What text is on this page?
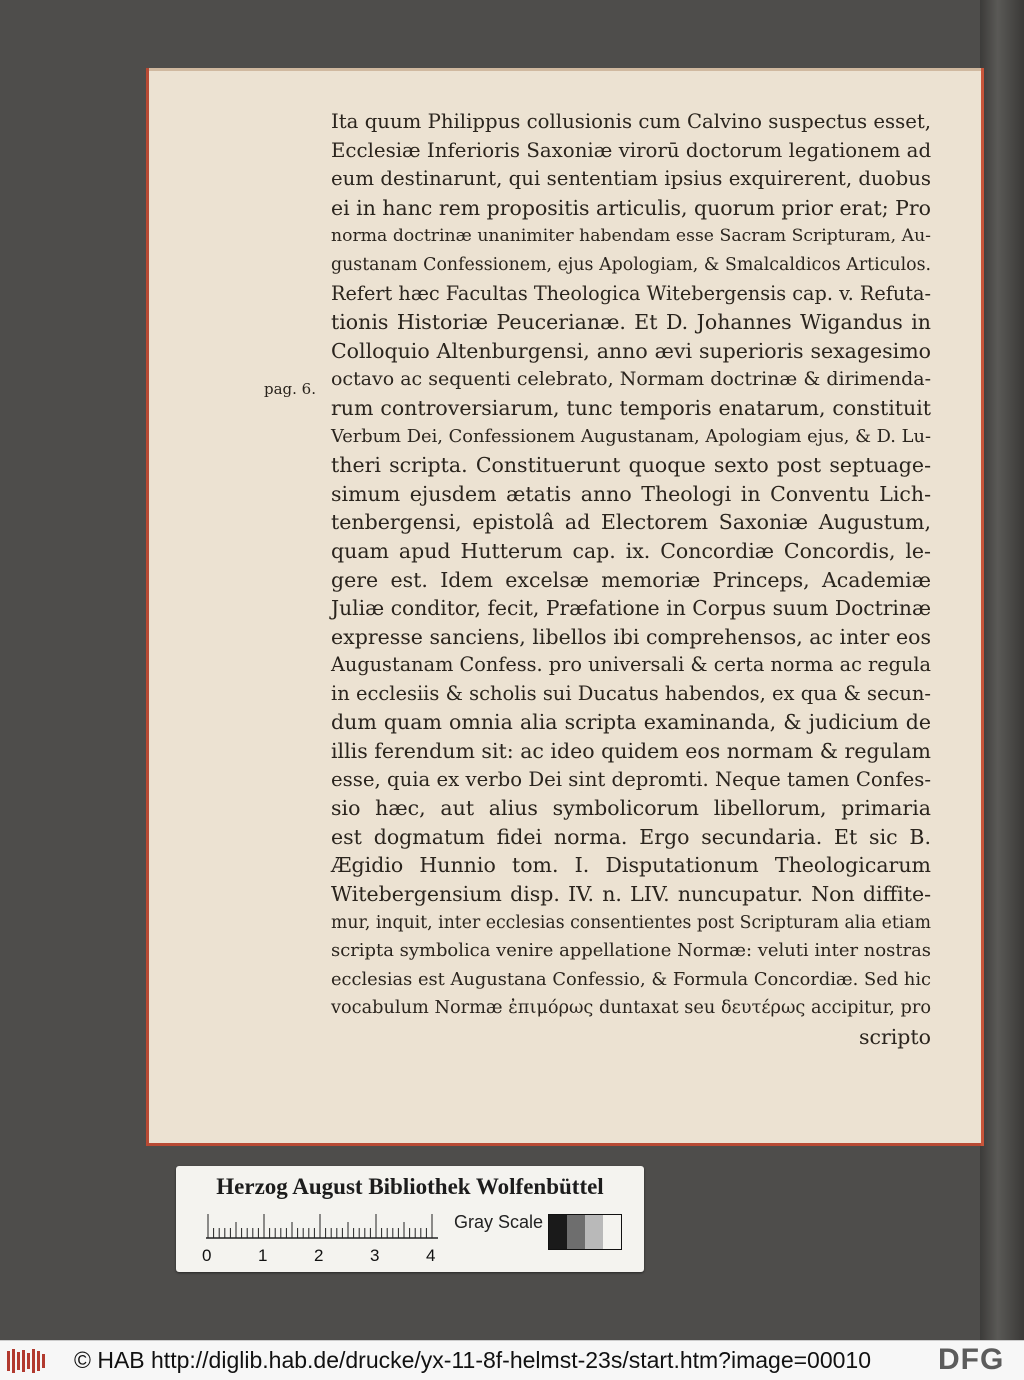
pag. 6.
Ita quum Philippus collusionis cum Calvino suspectus esset,
Ecclesiæ Inferioris Saxoniæ virorū doctorum legationem ad
eum destinarunt, qui sententiam ipsius exquirerent, duobus
ei in hanc rem propositis articulis, quorum prior erat; Pro
norma doctrinæ unanimiter habendam esse Sacram Scripturam, Au-
gustanam Confessionem, ejus Apologiam, & Smalcaldicos Articulos.
Refert hæc Facultas Theologica Witebergensis cap. v. Refuta-
tionis Historiæ Peucerianæ. Et D. Johannes Wigandus in
Colloquio Altenburgensi, anno ævi superioris sexagesimo
octavo ac sequenti celebrato, Normam doctrinæ & dirimenda-
rum controversiarum, tunc temporis enatarum, constituit
Verbum Dei, Confessionem Augustanam, Apologiam ejus, & D. Lu-
theri scripta. Constituerunt quoque sexto post septuage-
simum ejusdem ætatis anno Theologi in Conventu Lich-
tenbergensi, epistolâ ad Electorem Saxoniæ Augustum,
quam apud Hutterum cap. ix. Concordiæ Concordis, le-
gere est. Idem excelsæ memoriæ Princeps, Academiæ
Juliæ conditor, fecit, Præfatione in Corpus suum Doctrinæ
expresse sanciens, libellos ibi comprehensos, ac inter eos
Augustanam Confess. pro universali & certa norma ac regula
in ecclesiis & scholis sui Ducatus habendos, ex qua & secun-
dum quam omnia alia scripta examinanda, & judicium de
illis ferendum sit: ac ideo quidem eos normam & regulam
esse, quia ex verbo Dei sint depromti. Neque tamen Confes-
sio hæc, aut alius symbolicorum libellorum, primaria
est dogmatum fidei norma. Ergo secundaria. Et sic B.
Ægidio Hunnio tom. I. Disputationum Theologicarum
Witebergensium disp. IV. n. LIV. nuncupatur. Non diffite-
mur, inquit, inter ecclesias consentientes post Scripturam alia etiam
scripta symbolica venire appellatione Normæ: veluti inter nostras
ecclesias est Augustana Confessio, & Formula Concordiæ. Sed hic
vocabulum Normæ ἐπιμόρως duntaxat seu δευτέρως accipitur, pro
scripto
Herzog August Bibliothek Wolfenbüttel
0	1	2	3	4
Gray Scale
© HAB http://diglib.hab.de/drucke/yx-11-8f-helmst-23s/start.htm?image=00010 DFG
